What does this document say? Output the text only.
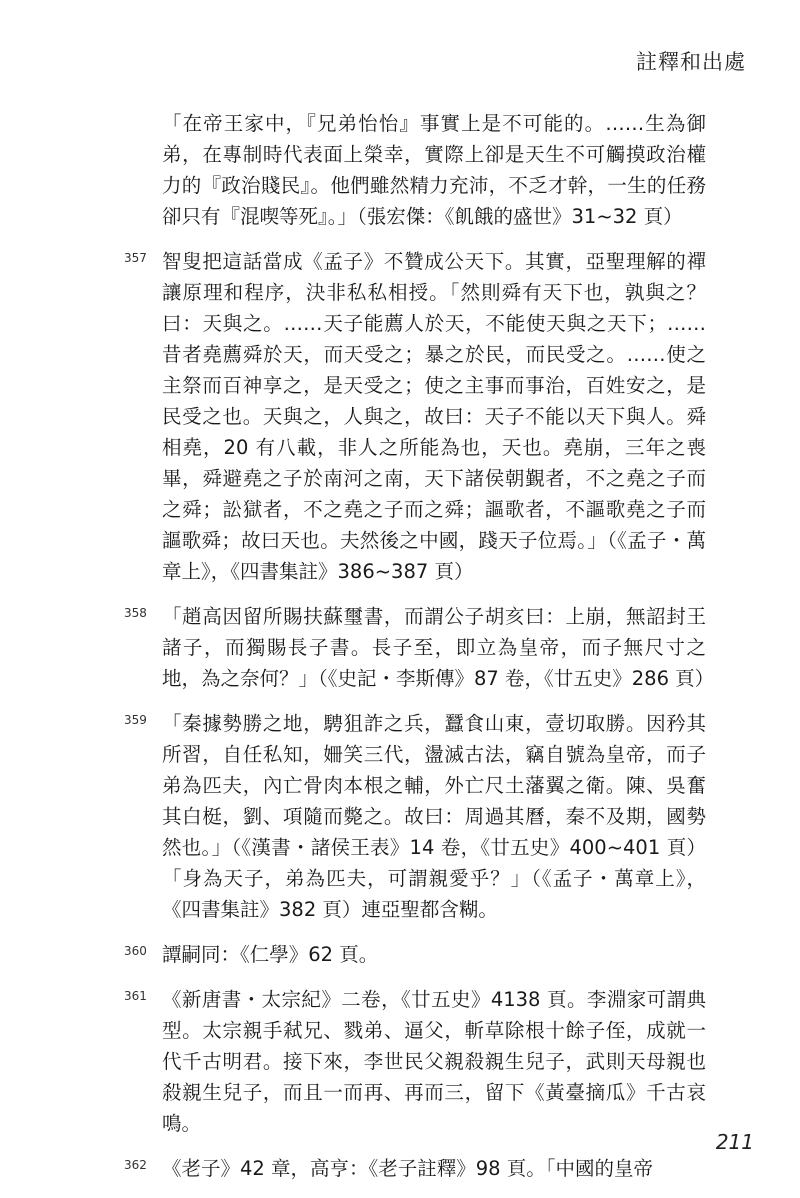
註釋和出處

「在帝王家中，『兄弟怡怡』事實上是不可能的。……生為御弟，在專制時代表面上榮幸，實際上卻是天生不可觸摸政治權力的『政治賤民』。他們雖然精力充沛，不乏才幹，一生的任務卻只有『混喫等死』。」（張宏傑：《飢餓的盛世》31~32 頁）

357 智叟把這話當成《孟子》不贊成公天下。其實，亞聖理解的禪讓原理和程序，決非私私相授。「然則舜有天下也，孰與之？曰：天與之。……天子能薦人於天，不能使天與之天下；……昔者堯薦舜於天，而天受之；暴之於民，而民受之。……使之主祭而百神享之，是天受之；使之主事而事治，百姓安之，是民受之也。天與之，人與之，故曰：天子不能以天下與人。舜相堯，20 有八載，非人之所能為也，天也。堯崩，三年之喪畢，舜避堯之子於南河之南，天下諸侯朝覲者，不之堯之子而之舜；訟獄者，不之堯之子而之舜；謳歌者，不謳歌堯之子而謳歌舜；故曰天也。夫然後之中國，踐天子位焉。」（《孟子・萬章上》，《四書集註》386~387 頁）

358 「趙高因留所賜扶蘇璽書，而謂公子胡亥曰：上崩，無詔封王諸子，而獨賜長子書。長子至，即立為皇帝，而子無尺寸之地，為之奈何？」（《史記・李斯傳》87 卷，《廿五史》286 頁）

359 「秦據勢勝之地，騁狙詐之兵，蠶食山東，壹切取勝。因矜其所習，自任私知，姍笑三代，盪滅古法，竊自號為皇帝，而子弟為匹夫，內亡骨肉本根之輔，外亡尺土藩翼之衛。陳、吳奮其白梃，劉、項隨而斃之。故曰：周過其曆，秦不及期，國勢然也。」（《漢書・諸侯王表》14 卷，《廿五史》400~401 頁）「身為天子，弟為匹夫，可謂親愛乎？」（《孟子・萬章上》，《四書集註》382 頁）連亞聖都含糊。

360 譚嗣同：《仁學》62 頁。

361 《新唐書・太宗紀》二卷，《廿五史》4138 頁。李淵家可謂典型。太宗親手弒兄、戮弟、逼父，斬草除根十餘子侄，成就一代千古明君。接下來，李世民父親殺親生兒子，武則天母親也殺親生兒子，而且一而再、再而三，留下《黃臺摘瓜》千古哀鳴。

362 《老子》42 章，高亨：《老子註釋》98 頁。「中國的皇帝

211
